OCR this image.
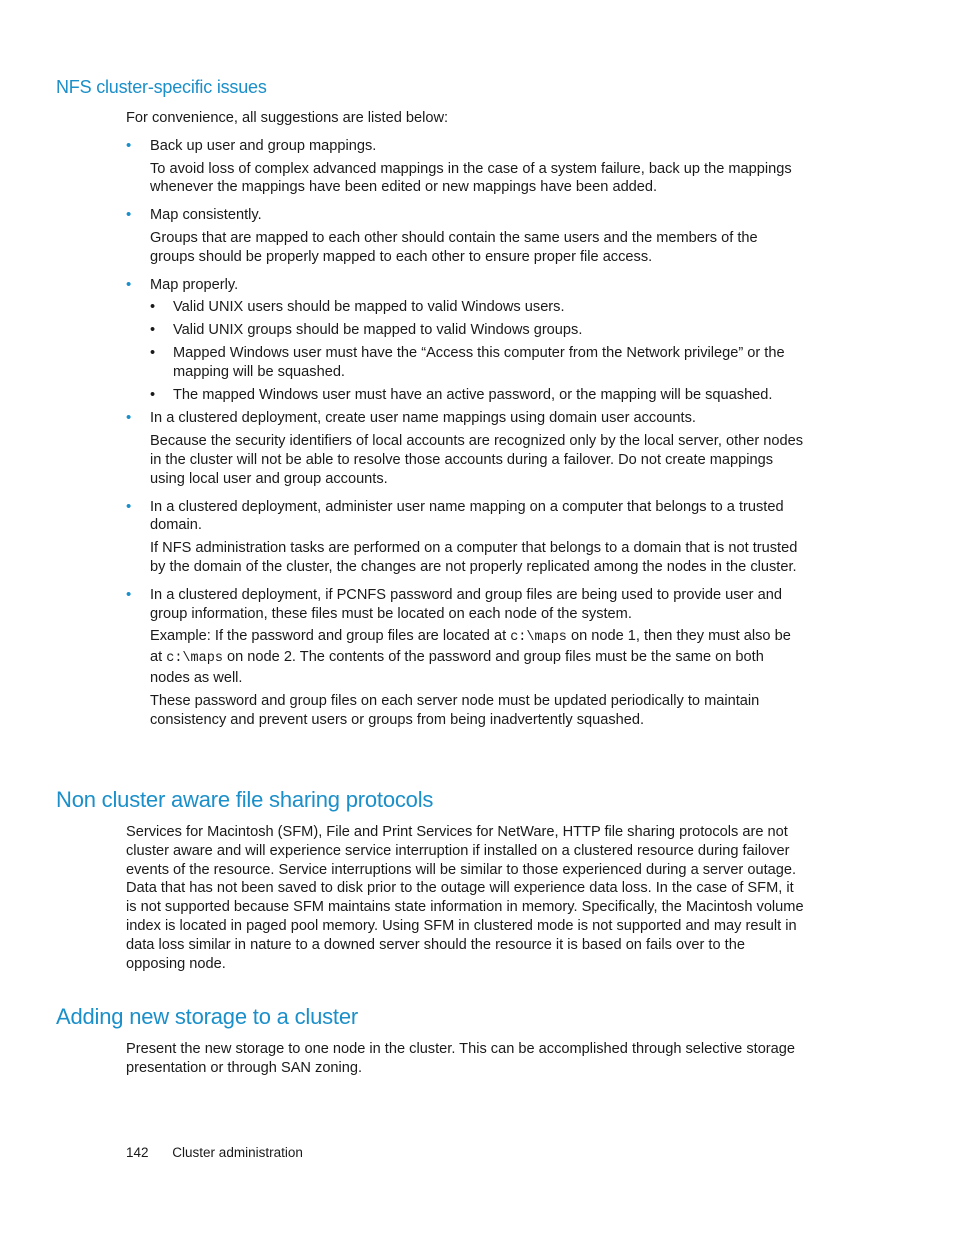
NFS cluster-specific issues

For convenience, all suggestions are listed below:

• Back up user and group mappings.

To avoid loss of complex advanced mappings in the case of a system failure, back up the mappings whenever the mappings have been edited or new mappings have been added.

• Map consistently.

Groups that are mapped to each other should contain the same users and the members of the groups should be properly mapped to each other to ensure proper file access.

• Map properly.

• Valid UNIX users should be mapped to valid Windows users.
• Valid UNIX groups should be mapped to valid Windows groups.
• Mapped Windows user must have the “Access this computer from the Network privilege” or the mapping will be squashed.
• The mapped Windows user must have an active password, or the mapping will be squashed.
• In a clustered deployment, create user name mappings using domain user accounts.

Because the security identifiers of local accounts are recognized only by the local server, other nodes in the cluster will not be able to resolve those accounts during a failover. Do not create mappings using local user and group accounts.

• In a clustered deployment, administer user name mapping on a computer that belongs to a trusted domain.

If NFS administration tasks are performed on a computer that belongs to a domain that is not trusted by the domain of the cluster, the changes are not properly replicated among the nodes in the cluster.

• In a clustered deployment, if PCNFS password and group files are being used to provide user and group information, these files must be located on each node of the system.

Example: If the password and group files are located at c:\maps on node 1, then they must also be at c:\maps on node 2. The contents of the password and group files must be the same on both nodes as well.

These password and group files on each server node must be updated periodically to maintain consistency and prevent users or groups from being inadvertently squashed.

Non cluster aware file sharing protocols

Services for Macintosh (SFM), File and Print Services for NetWare, HTTP file sharing protocols are not cluster aware and will experience service interruption if installed on a clustered resource during failover events of the resource. Service interruptions will be similar to those experienced during a server outage. Data that has not been saved to disk prior to the outage will experience data loss. In the case of SFM, it is not supported because SFM maintains state information in memory. Specifically, the Macintosh volume index is located in paged pool memory. Using SFM in clustered mode is not supported and may result in data loss similar in nature to a downed server should the resource it is based on fails over to the opposing node.

Adding new storage to a cluster

Present the new storage to one node in the cluster. This can be accomplished through selective storage presentation or through SAN zoning.

142 Cluster administration
